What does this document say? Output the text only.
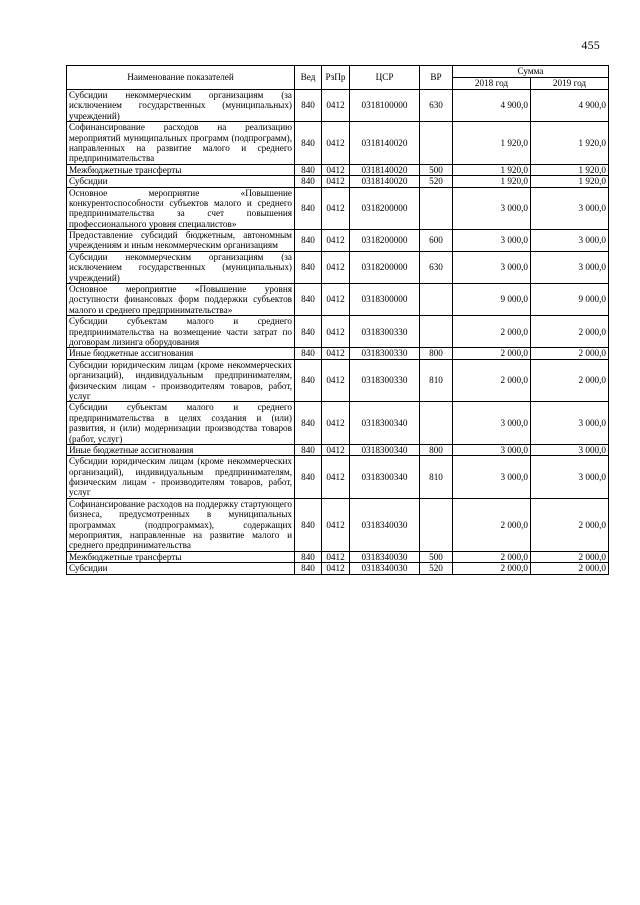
455
Наименование показателей	Вед	РзПр	ЦСР	ВР	Сумма	
					2018 год	2019 год
Субсидии некоммерческим организациям (за исключением государственных (муниципальных) учреждений)	840	0412	0318100000	630	4 900,0	4 900,0
Софинансирование расходов на реализацию мероприятий муниципальных программ (подпрограмм), направленных на развитие малого и среднего предпринимательства	840	0412	0318140020		1 920,0	1 920,0
Межбюджетные трансферты	840	0412	0318140020	500	1 920,0	1 920,0
Субсидии	840	0412	0318140020	520	1 920,0	1 920,0
Основное мероприятие «Повышение конкурентоспособности субъектов малого и среднего предпринимательства за счет повышения профессионального уровня специалистов»	840	0412	0318200000		3 000,0	3 000,0
Предоставление субсидий бюджетным, автономным учреждениям и иным некоммерческим организациям	840	0412	0318200000	600	3 000,0	3 000,0
Субсидии некоммерческим организациям (за исключением государственных (муниципальных) учреждений)	840	0412	0318200000	630	3 000,0	3 000,0
Основное мероприятие «Повышение уровня доступности финансовых форм поддержки субъектов малого и среднего предпринимательства»	840	0412	0318300000		9 000,0	9 000,0
Субсидии субъектам малого и среднего предпринимательства на возмещение части затрат по договорам лизинга оборудования	840	0412	0318300330		2 000,0	2 000,0
Иные бюджетные ассигнования	840	0412	0318300330	800	2 000,0	2 000,0
Субсидии юридическим лицам (кроме некоммерческих организаций), индивидуальным предпринимателям, физическим лицам - производителям товаров, работ, услуг	840	0412	0318300330	810	2 000,0	2 000,0
Субсидии субъектам малого и среднего предпринимательства в целях создания и (или) развития, и (или) модернизации производства товаров (работ, услуг)	840	0412	0318300340		3 000,0	3 000,0
Иные бюджетные ассигнования	840	0412	0318300340	800	3 000,0	3 000,0
Субсидии юридическим лицам (кроме некоммерческих организаций), индивидуальным предпринимателям, физическим лицам - производителям товаров, работ, услуг	840	0412	0318300340	810	3 000,0	3 000,0
Софинансирование расходов на поддержку стартующего бизнеса, предусмотренных в муниципальных программах (подпрограммах), содержащих мероприятия, направленные на развитие малого и среднего предпринимательства	840	0412	0318340030		2 000,0	2 000,0
Межбюджетные трансферты	840	0412	0318340030	500	2 000,0	2 000,0
Субсидии	840	0412	0318340030	520	2 000,0	2 000,0
